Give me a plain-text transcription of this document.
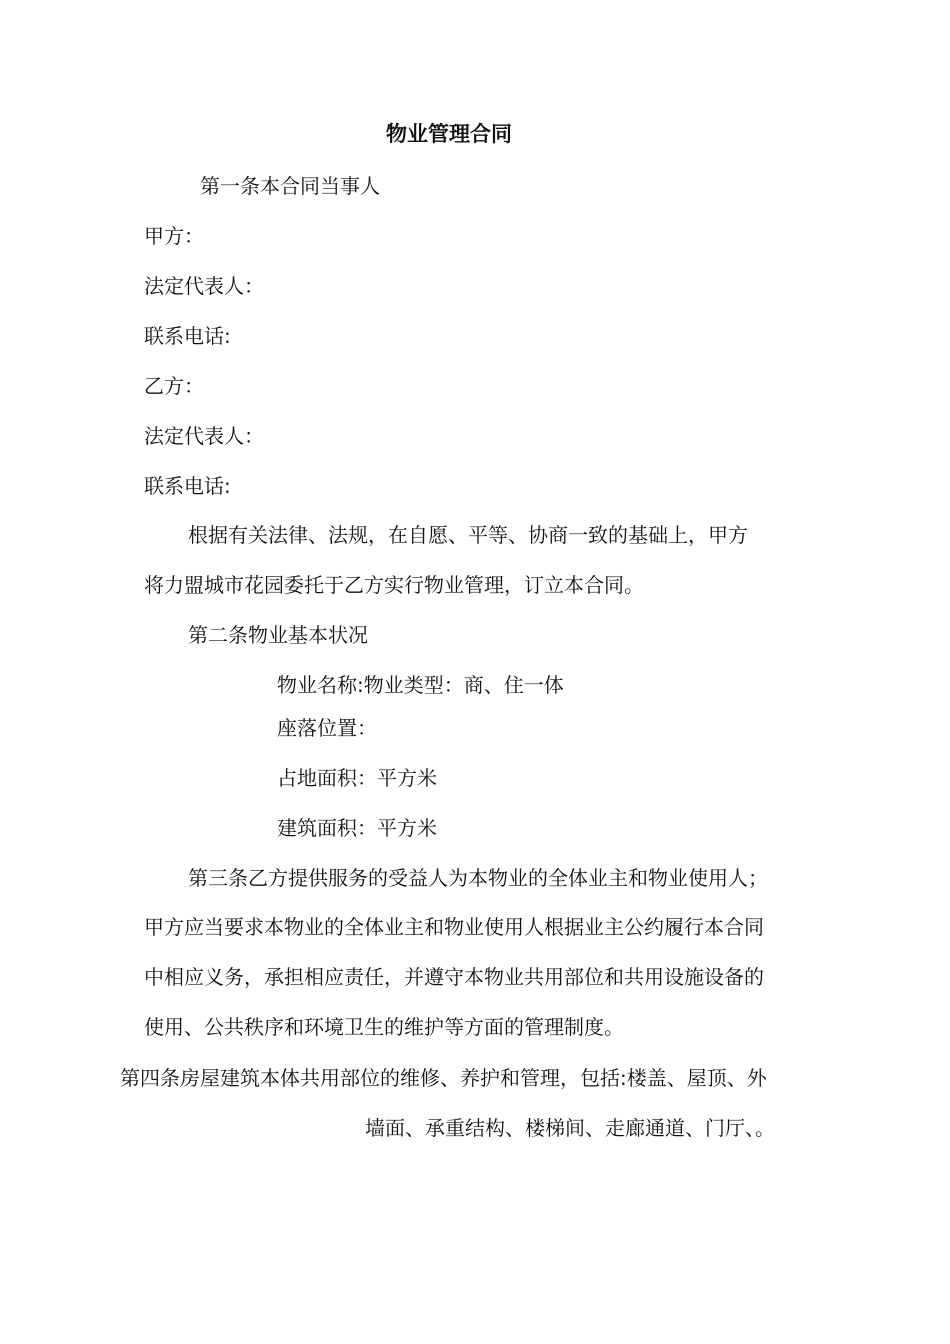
物业管理合同
第一条本合同当事人
甲方：
法定代表人：
联系电话:
乙方：
法定代表人：
联系电话:
根据有关法律、法规，在自愿、平等、协商一致的基础上，甲方
将力盟城市花园委托于乙方实行物业管理，订立本合同。
第二条物业基本状况
物业名称:物业类型：商、住一体
座落位置：
占地面积：平方米
建筑面积：平方米
第三条乙方提供服务的受益人为本物业的全体业主和物业使用人；
甲方应当要求本物业的全体业主和物业使用人根据业主公约履行本合同
中相应义务，承担相应责任，并遵守本物业共用部位和共用设施设备的
使用、公共秩序和环境卫生的维护等方面的管理制度。
第四条房屋建筑本体共用部位的维修、养护和管理，包括:楼盖、屋顶、外
墙面、承重结构、楼梯间、走廊通道、门厅、。
